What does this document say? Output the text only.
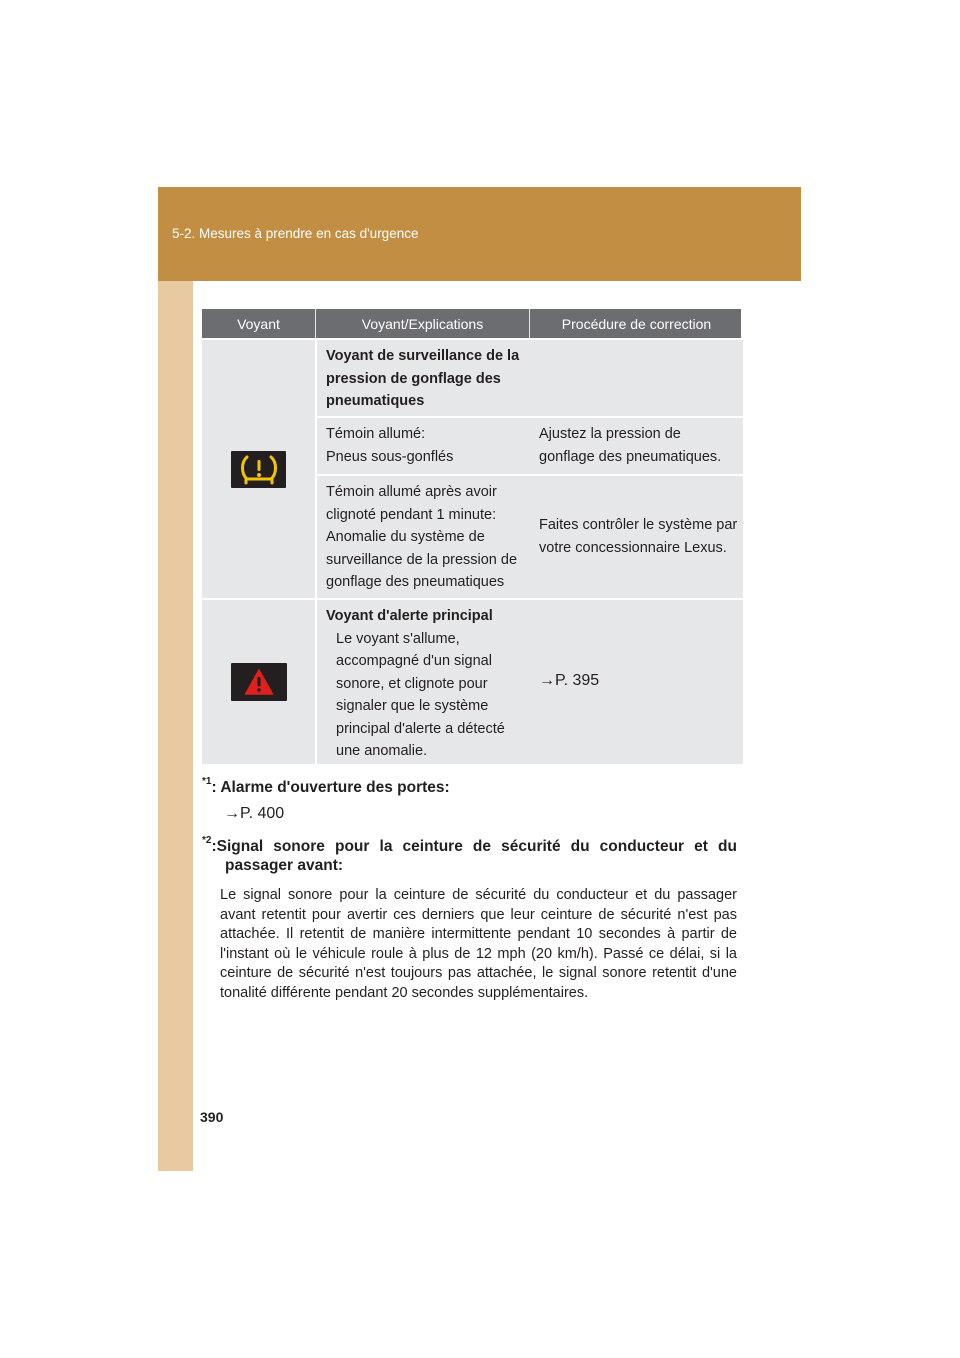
5-2. Mesures à prendre en cas d'urgence
Voyant	Voyant/Explications	Procédure de correction
Voyant de surveillance de la pression de gonflage des pneumatiques
Témoin allumé:
Pneus sous-gonflés
Ajustez la pression de gonflage des pneumatiques.
Témoin allumé après avoir clignoté pendant 1 minute: Anomalie du système de surveillance de la pression de gonflage des pneumatiques
Faites contrôler le système par votre concessionnaire Lexus.
Voyant d'alerte principal
Le voyant s'allume, accompagné d'un signal sonore, et clignote pour signaler que le système principal d'alerte a détecté une anomalie.
→P. 395
$^{*1}$: Alarme d'ouverture des portes:
→P. 400
$^{*2}$:Signal sonore pour la ceinture de sécurité du conducteur et du
passager avant:
Le signal sonore pour la ceinture de sécurité du conducteur et du passager avant retentit pour avertir ces derniers que leur ceinture de sécurité n'est pas attachée. Il retentit de manière intermittente pendant 10 secondes à partir de l'instant où le véhicule roule à plus de 12 mph (20 km/h). Passé ce délai, si la ceinture de sécurité n'est toujours pas attachée, le signal sonore retentit d'une tonalité différente pendant 20 secondes supplémentaires.
390
